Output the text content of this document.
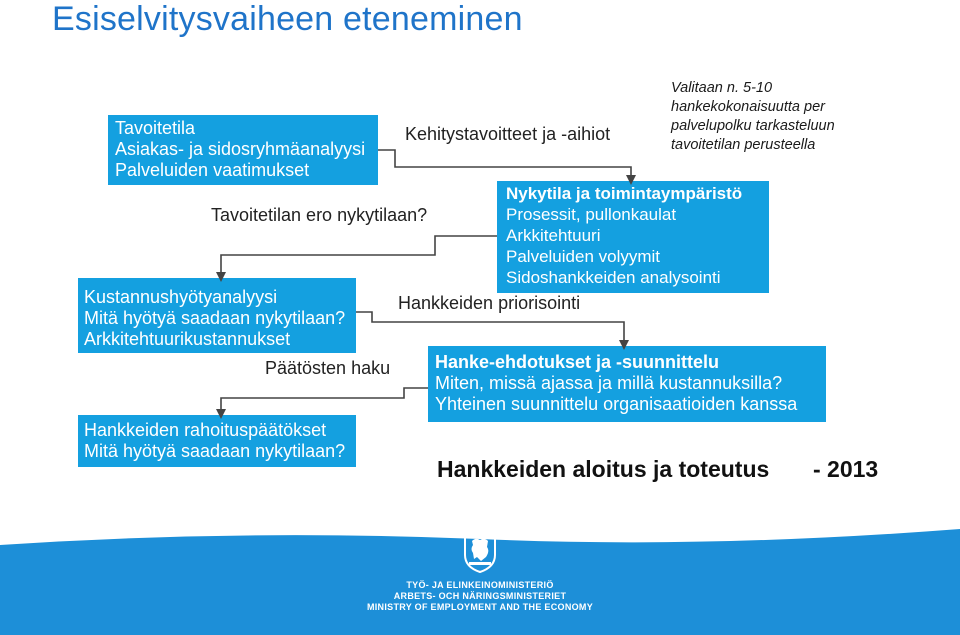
Esiselvitysvaiheen eteneminen
Tavoitetila
Asiakas- ja sidosryhmäanalyysi
Palveluiden vaatimukset
Nykytila ja toimintaympäristö
Prosessit, pullonkaulat
Arkkitehtuuri
Palveluiden volyymit
Sidoshankkeiden analysointi
Kustannushyötyanalyysi
Mitä hyötyä saadaan nykytilaan?
Arkkitehtuurikustannukset
Hanke-ehdotukset ja -suunnittelu
Miten, missä ajassa ja millä kustannuksilla?
Yhteinen suunnittelu organisaatioiden kanssa
Hankkeiden rahoituspäätökset
Mitä hyötyä saadaan nykytilaan?
Kehitystavoitteet ja -aihiot
Tavoitetilan ero nykytilaan?
Hankkeiden priorisointi
Päätösten haku
Valitaan n. 5-10
hankekokonaisuutta per
palvelupolku tarkasteluun
tavoitetilan perusteella
Hankkeiden aloitus ja toteutus - 2013
TYÖ- JA ELINKEINOMINISTERIÖ
ARBETS- OCH NÄRINGSMINISTERIET
MINISTRY OF EMPLOYMENT AND THE ECONOMY
